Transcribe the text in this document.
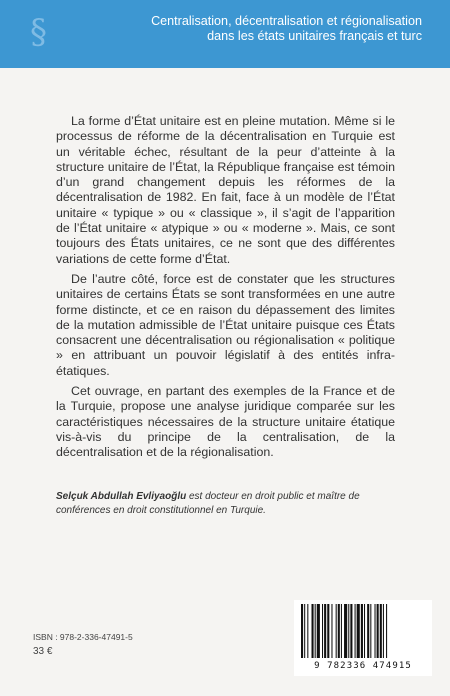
§	Centralisation, décentralisation et régionalisation
dans les états unitaires français et turc

La forme d’État unitaire est en pleine mutation. Même si le processus de réforme de la décentralisation en Turquie est un véritable échec, résultant de la peur d’atteinte à la structure unitaire de l’État, la République française est témoin d’un grand changement depuis les réformes de la décentralisation de 1982. En fait, face à un modèle de l’État unitaire « typique » ou « classique », il s’agit de l’apparition de l’État unitaire « atypique » ou « moderne ». Mais, ce sont toujours des États unitaires, ce ne sont que des différentes variations de cette forme d’État.

De l’autre côté, force est de constater que les structures unitaires de certains États se sont transformées en une autre forme distincte, et ce en raison du dépassement des limites de la mutation admissible de l’État unitaire puisque ces États consacrent une décentralisation ou régionalisation « politique » en attribuant un pouvoir législatif à des entités infra-étatiques.

Cet ouvrage, en partant des exemples de la France et de la Turquie, propose une analyse juridique comparée sur les caractéristiques nécessaires de la structure unitaire étatique vis-à-vis du principe de la centralisation, de la décentralisation et de la régionalisation.

Selçuk Abdullah Evliyaoğlu est docteur en droit public et maître de conférences en droit constitutionnel en Turquie.
ISBN : 978-2-336-47491-5
33 €
9 782336 474915
